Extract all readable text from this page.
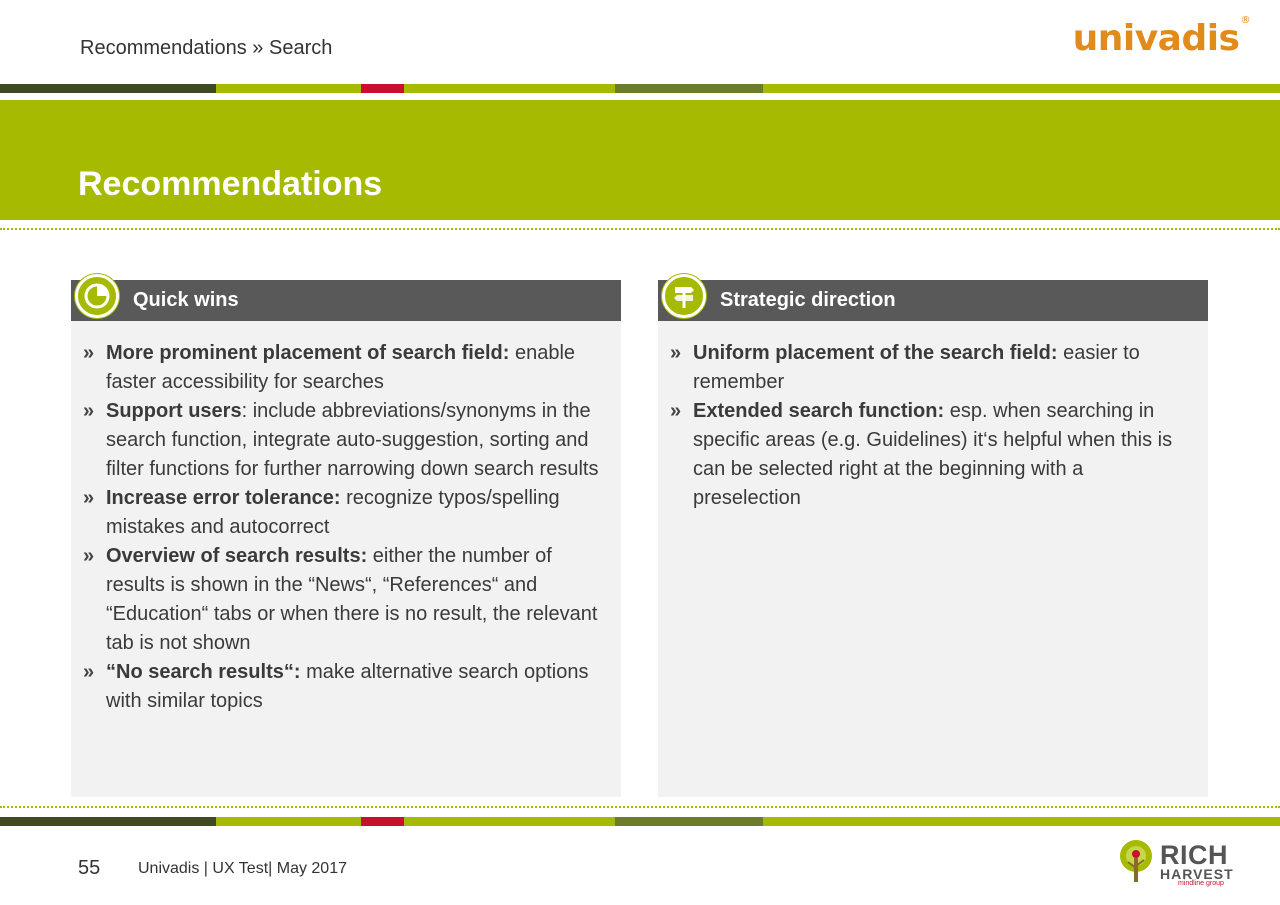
Recommendations » Search	univadis®
Recommendations
Quick wins
» More prominent placement of search field: enable faster accessibility for searches
» Support users: include abbreviations/synonyms in the search function, integrate auto-suggestion, sorting and filter functions for further narrowing down search results
» Increase error tolerance: recognize typos/spelling mistakes and autocorrect
» Overview of search results: either the number of results is shown in the “News“, “References“ and “Education“ tabs or when there is no result, the relevant tab is not shown
» “No search results“: make alternative search options with similar topics
Strategic direction
» Uniform placement of the search field: easier to remember
» Extended search function: esp. when searching in specific areas (e.g. Guidelines) it‘s helpful when this is can be selected right at the beginning with a preselection
55 Univadis | UX Test| May 2017	RICH
HARVEST
mindline group
